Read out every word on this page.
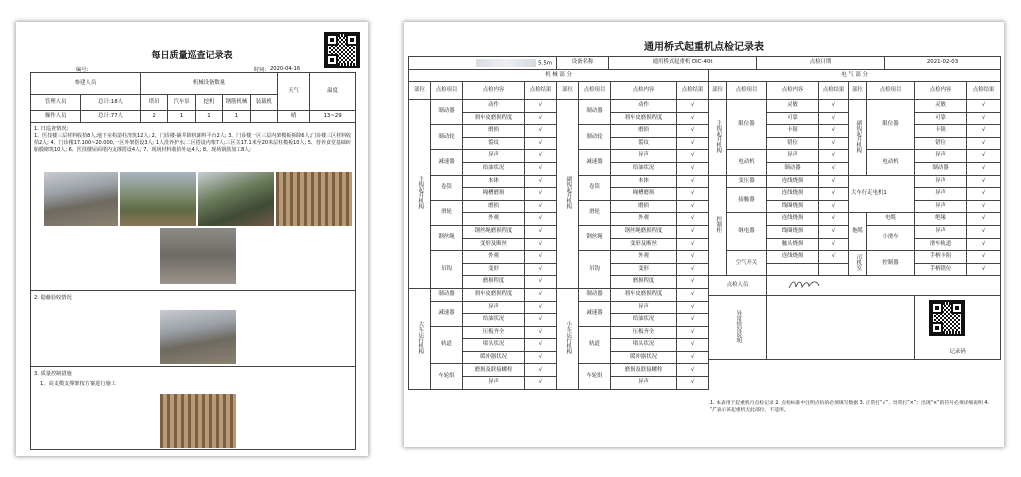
每日质量巡查记录表
编号:	时间: 2020-04-16
参建人员		机械设备数量					天气	温度
管理人员	总计:18人	塔吊	汽车泵	挖机	钢筋机械	装载机		
操作人员	总计:77人	2	1	1	1		晴	13~29
1. 日巡查情况:
1、医技楼三层材料收拾8人;地下室构造柱浇筑12人; 2、门诊楼-铺井降机卸料平台2人; 3、门诊楼一区三层内架模板拆除6人;门诊楼三区材料收拾2人; 4、门诊楼17.100~20.000,一区外架搭设3人; 1人洗养护水;二区搭设内架7人;三区关17.1米至20米层柱模板10人; 5、营养食堂基础砖胎膜砌筑10人; 6、医技楼屋面堵内支撑搭设4人; 7、现场材料收拾外运4人; 8、现场钢筋加工8人;
2. 隐蔽验收情况
3. 质量控制措施
1、高支模支撑架按方案进行施工
通用桥式起重机点检记录表
5.5m	设备名称	通用桥式起重机 DIC-40t	点检日期	2021-02-03
机 械 部 分							
部位	点检项目	点检内容	点检结果	部位	点检项目	点检内容	点检结果
主钩起升机构	制动器	动作	√	副钩起升机构	制动器	动作	√
		刹车皮磨损程度	√			刹车皮磨损程度	√
	制动轮	磨损	√		制动轮	磨损	√
		裂纹	√			裂纹	√
	减速器	异声	√		减速器	异声	√
		给油状况	√			给油状况	√
	卷筒	本体	√		卷筒	本体	√
		绳槽磨损	√			绳槽磨损	√
	滑轮	磨损	√		滑轮	磨损	√
		外观	√			外观	√
	钢丝绳	钢丝绳磨损程度	√		钢丝绳	钢丝绳磨损程度	√
		变形及断丝	√			变形及断丝	√
	吊钩	外观	√		吊钩	外观	√
		变形	√			变形	√
		磨损程度	√			磨损程度	√
大车运行机构	制动器	刹车皮磨损程度	√	小车运行机构	制动器	刹车皮磨损程度	√
	减速器	异声	√		减速器	异声	√
		给油状况	√			给油状况	√
	轨道	压板齐全	√		轨道	压板齐全	√
		堵头状况	√			堵头状况	√
		缓冲器状况	√			缓冲器状况	√
	车轮组	磨损及联接螺栓	√		车轮组	磨损及联接螺栓	√
		异声	√			异声	√
电 气 部 分							
部位	点检项目	点检内容	点检结果	部位	点检项目	点检内容	点检结果
主钩起升机构	限位器	灵敏	√	副钩起升机构	限位器	灵敏	√
		可靠	√			可靠	√
		卡阻	√			卡阻	√
		错位	√			错位	√
	电动机	异声	√		电动机	异声	√
		制动器	√			制动器	√
控制柜	变压器	连线烧损	√	大车行走电机1		异声	√
	接触器	连线烧损	√			异声	√
		线圈烧损	√			异声	√
	继电器	连线烧损	√	拖缆	电缆	绝缘	√
		线圈烧损	√		小滑车	异声	√
		触头烧损	√			滑车轨道	√
	空气开关	连线烧损	√	司机室	控制器	手柄卡阻	√
						手柄错位	√
点检人员	
异常情况说明						记录码	
1. 本表用于起重机月点检记录 2. 点检标准中注明点检的必须填写数据 3. 正常打“√”、异常打“×”；出现“×”的符号必须详细说明 4. “/”表示该起重机无此部位，不适用。
